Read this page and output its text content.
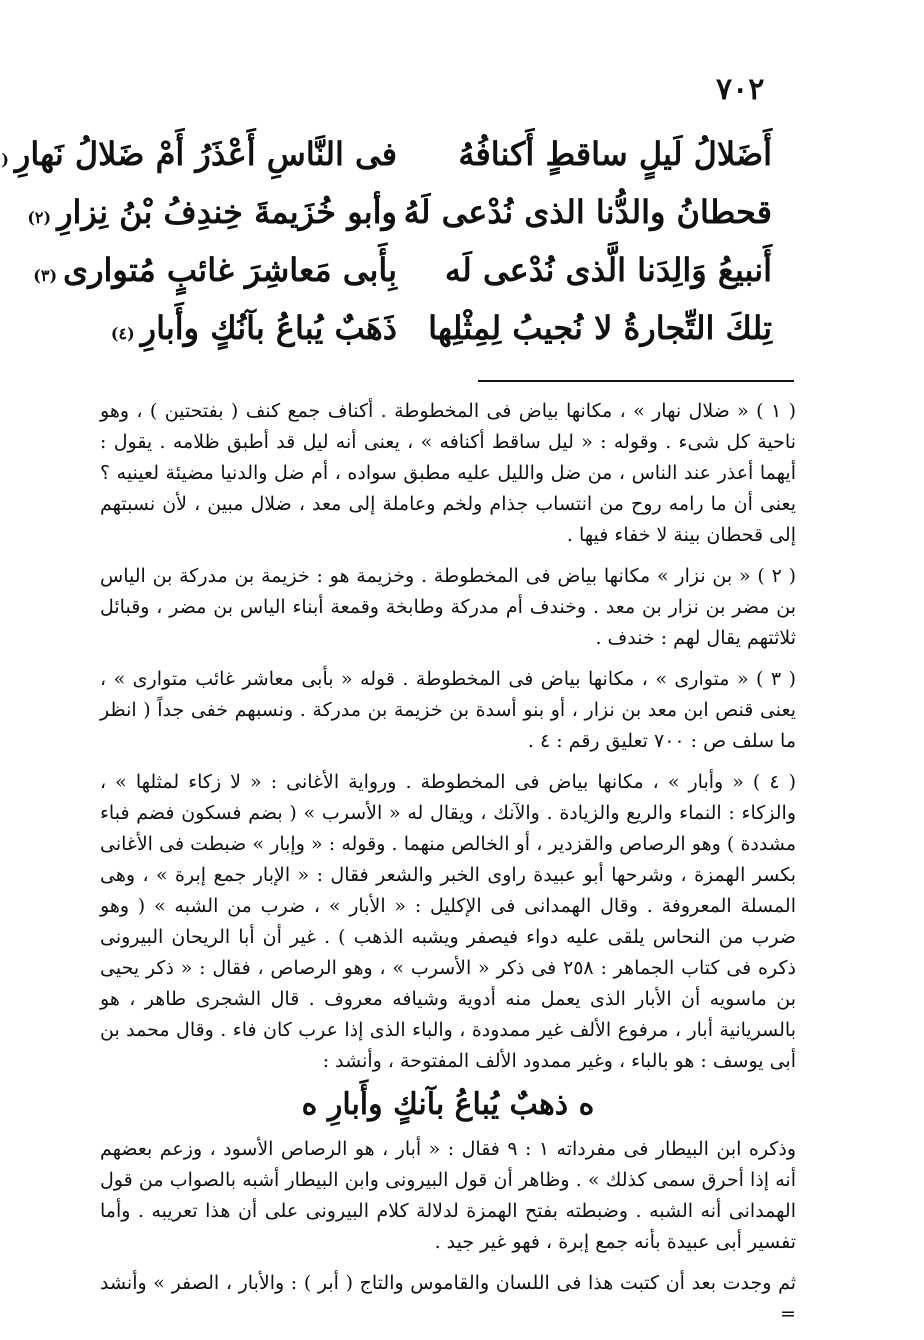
٧٠٢
أَضَلالُ لَيلٍ ساقطٍ أَكنافُهُ
فى النَّاسِ أَعْذَرُ أَمْ ضَلالُ نَهارِ(
قحطانُ والدُّنا الذى نُدْعى لَهُ
وأبو خُزَيمةَ خِندِفُ بْنُ نِزارِ(٢)
أَنبيعُ وَالِدَنا الَّذى نُدْعى لَه
بِأَبى مَعاشِرَ غائبٍ مُتوارى(٣)
تِلكَ التِّجارةُ لا نُجيبُ لِمِثْلِها
ذَهَبٌ يُباعُ بآنُكٍ وأَبارِ(٤)

( ١ ) « ضلال نهار » ، مكانها بياض فى المخطوطة . أكناف جمع كنف ( بفتحتين ) ، وهو ناحية كل شىء . وقوله : « ليل ساقط أكنافه » ، يعنى أنه ليل قد أطبق ظلامه . يقول : أيهما أعذر عند الناس ، من ضل والليل عليه مطبق سواده ، أم ضل والدنيا مضيئة لعينيه ؟ يعنى أن ما رامه روح من انتساب جذام ولخم وعاملة إلى معد ، ضلال مبين ، لأن نسبتهم إلى قحطان بينة لا خفاء فيها .

( ٢ ) « بن نزار » مكانها بياض فى المخطوطة . وخزيمة هو : خزيمة بن مدركة بن الياس بن مضر بن نزار بن معد . وخندف أم مدركة وطابخة وقمعة أبناء الياس بن مضر ، وقبائل ثلاثتهم يقال لهم : خندف .

( ٣ ) « متوارى » ، مكانها بياض فى المخطوطة . قوله « بأبى معاشر غائب متوارى » ، يعنى قنص ابن معد بن نزار ، أو بنو أسدة بن خزيمة بن مدركة . ونسبهم خفى جداً ( انظر ما سلف ص : ٧٠٠ تعليق رقم : ٤ .

( ٤ ) « وأبار » ، مكانها بياض فى المخطوطة . ورواية الأغانى : « لا زكاء لمثلها » ، والزكاء : النماء والريع والزيادة . والآنك ، ويقال له « الأسرب » ( بضم فسكون فضم فباء مشددة ) وهو الرصاص والقزدير ، أو الخالص منهما . وقوله : « وإبار » ضبطت فى الأغانى بكسر الهمزة ، وشرحها أبو عبيدة راوى الخبر والشعر فقال : « الإبار جمع إبرة » ، وهى المسلة المعروفة . وقال الهمدانى فى الإكليل : « الأبار » ، ضرب من الشبه » ( وهو ضرب من النحاس يلقى عليه دواء فيصفر ويشبه الذهب ) . غير أن أبا الريحان البيرونى ذكره فى كتاب الجماهر : ٢٥٨ فى ذكر « الأسرب » ، وهو الرصاص ، فقال : « ذكر يحيى بن ماسويه أن الأبار الذى يعمل منه أدوية وشيافه معروف . قال الشجرى طاهر ، هو بالسريانية أبار ، مرفوع الألف غير ممدودة ، والباء الذى إذا عرب كان فاء . وقال محمد بن أبى يوسف : هو بالباء ، وغير ممدود الألف المفتوحة ، وأنشد :

ه ذهبٌ يُباعُ بآنكٍ وأَبارِ ه

وذكره ابن البيطار فى مفرداته ١ : ٩ فقال : « أبار ، هو الرصاص الأسود ، وزعم بعضهم أنه إذا أحرق سمى كذلك » . وظاهر أن قول البيرونى وابن البيطار أشبه بالصواب من قول الهمدانى أنه الشبه . وضبطته بفتح الهمزة لدلالة كلام البيرونى على أن هذا تعريبه . وأما تفسير أبى عبيدة بأنه جمع إبرة ، فهو غير جيد .

ثم وجدت بعد أن كتبت هذا فى اللسان والقاموس والتاج ( أبر ) : والأبار ، الصفر » وأنشد =
